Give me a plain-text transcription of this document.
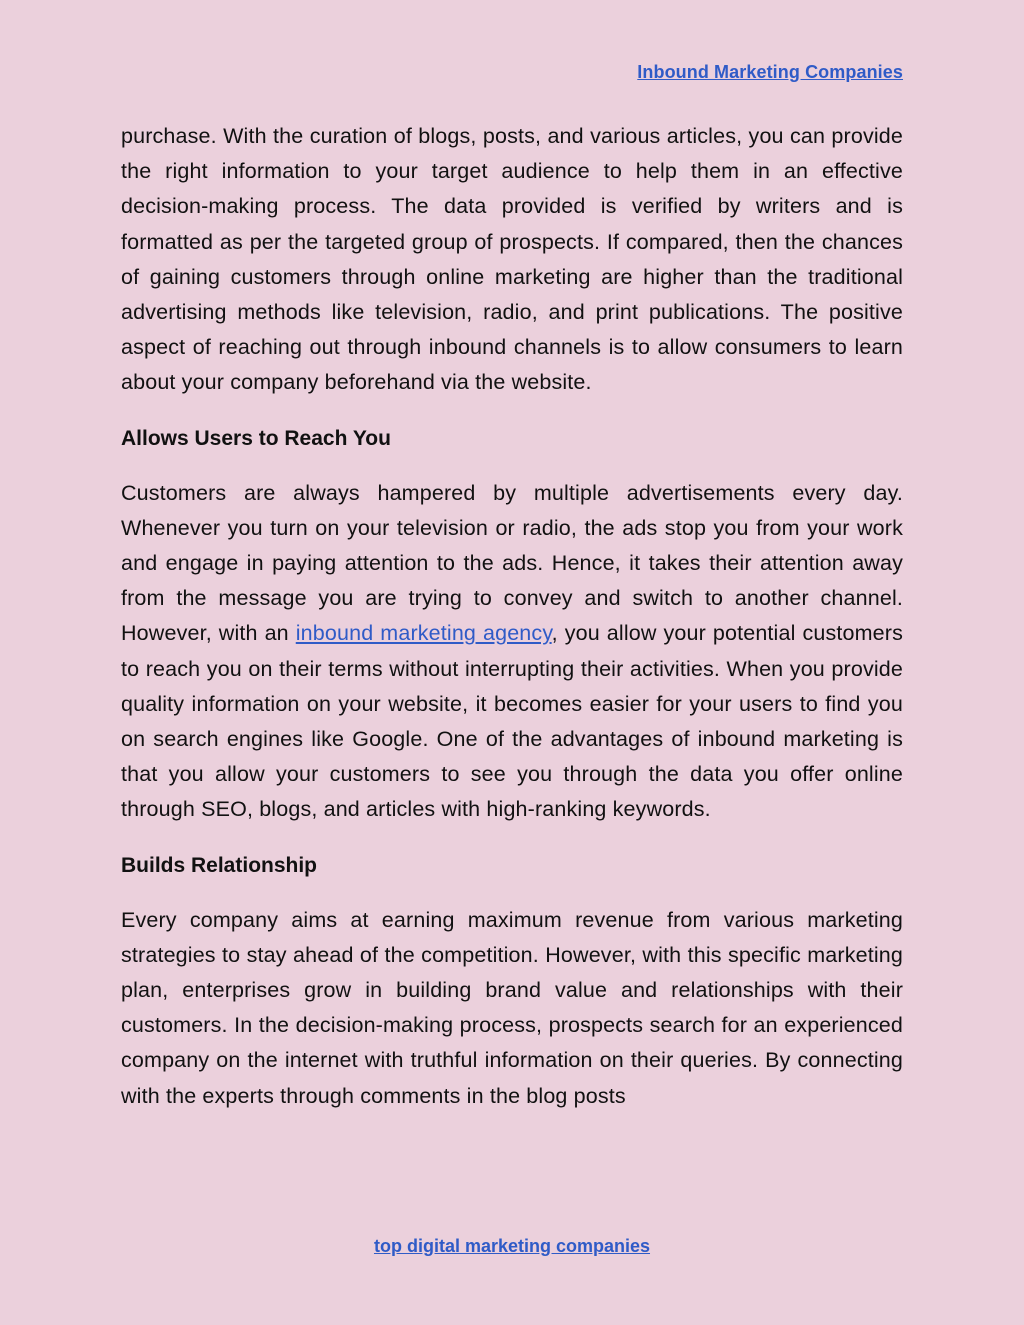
Inbound Marketing Companies

purchase. With the curation of blogs, posts, and various articles, you can provide the right information to your target audience to help them in an effective decision-making process. The data provided is verified by writers and is formatted as per the targeted group of prospects. If compared, then the chances of gaining customers through online marketing are higher than the traditional advertising methods like television, radio, and print publications. The positive aspect of reaching out through inbound channels is to allow consumers to learn about your company beforehand via the website.

Allows Users to Reach You

Customers are always hampered by multiple advertisements every day. Whenever you turn on your television or radio, the ads stop you from your work and engage in paying attention to the ads. Hence, it takes their attention away from the message you are trying to convey and switch to another channel. However, with an inbound marketing agency, you allow your potential customers to reach you on their terms without interrupting their activities. When you provide quality information on your website, it becomes easier for your users to find you on search engines like Google. One of the advantages of inbound marketing is that you allow your customers to see you through the data you offer online through SEO, blogs, and articles with high-ranking keywords.

Builds Relationship

Every company aims at earning maximum revenue from various marketing strategies to stay ahead of the competition. However, with this specific marketing plan, enterprises grow in building brand value and relationships with their customers. In the decision-making process, prospects search for an experienced company on the internet with truthful information on their queries. By connecting with the experts through comments in the blog posts

top digital marketing companies
